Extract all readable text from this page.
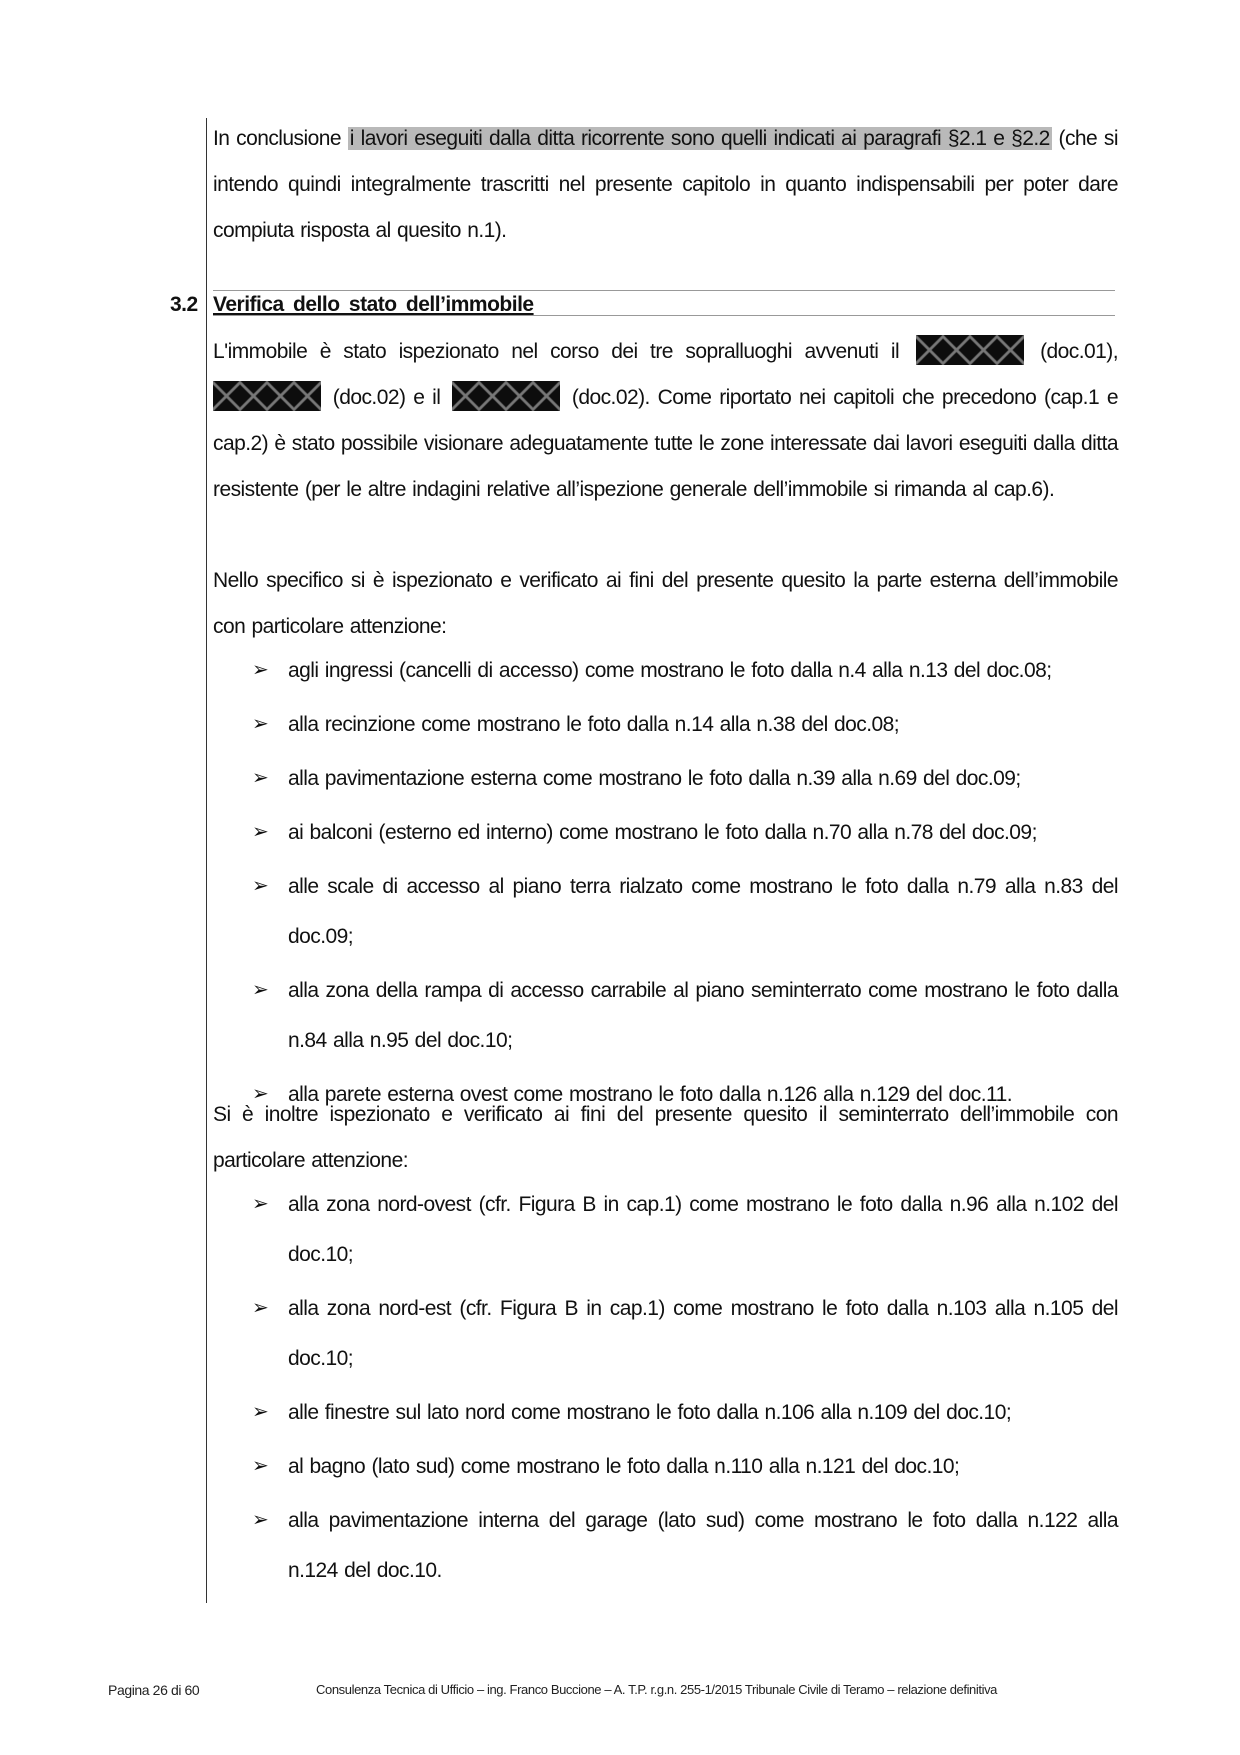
In conclusione i lavori eseguiti dalla ditta ricorrente sono quelli indicati ai paragrafi §2.1 e §2.2 (che si intendo quindi integralmente trascritti nel presente capitolo in quanto indispensabili per poter dare compiuta risposta al quesito n.1).
3.2 Verifica dello stato dell’immobile
L'immobile è stato ispezionato nel corso dei tre sopralluoghi avvenuti il	(doc.01),  (doc.02) e il	(doc.02). Come riportato nei capitoli che precedono (cap.1 e cap.2) è stato possibile visionare adeguatamente tutte le zone interessate dai lavori eseguiti dalla ditta resistente (per le altre indagini relative all’ispezione generale dell’immobile si rimanda al cap.6).
Nello specifico si è ispezionato e verificato ai fini del presente quesito la parte esterna dell’immobile con particolare attenzione:
➢ agli ingressi (cancelli di accesso) come mostrano le foto dalla n.4 alla n.13 del doc.08;
➢ alla recinzione come mostrano le foto dalla n.14 alla n.38 del doc.08;
➢ alla pavimentazione esterna come mostrano le foto dalla n.39 alla n.69 del doc.09;
➢ ai balconi (esterno ed interno) come mostrano le foto dalla n.70 alla n.78 del doc.09;
➢ alle scale di accesso al piano terra rialzato come mostrano le foto dalla n.79 alla n.83 del doc.09;
➢ alla zona della rampa di accesso carrabile al piano seminterrato come mostrano le foto dalla n.84 alla n.95 del doc.10;
➢ alla parete esterna ovest come mostrano le foto dalla n.126 alla n.129 del doc.11.
Si è inoltre ispezionato e verificato ai fini del presente quesito il seminterrato dell’immobile con particolare attenzione:
➢ alla zona nord-ovest (cfr. Figura B in cap.1) come mostrano le foto dalla n.96 alla n.102 del doc.10;
➢ alla zona nord-est (cfr. Figura B in cap.1) come mostrano le foto dalla n.103 alla n.105 del doc.10;
➢ alle finestre sul lato nord come mostrano le foto dalla n.106 alla n.109 del doc.10;
➢ al bagno (lato sud) come mostrano le foto dalla n.110 alla n.121 del doc.10;
➢ alla pavimentazione interna del garage (lato sud) come mostrano le foto dalla n.122 alla n.124 del doc.10.
Pagina 26 di 60	Consulenza Tecnica di Ufficio – ing. Franco Buccione – A. T.P. r.g.n. 255-1/2015 Tribunale Civile di Teramo – relazione definitiva
